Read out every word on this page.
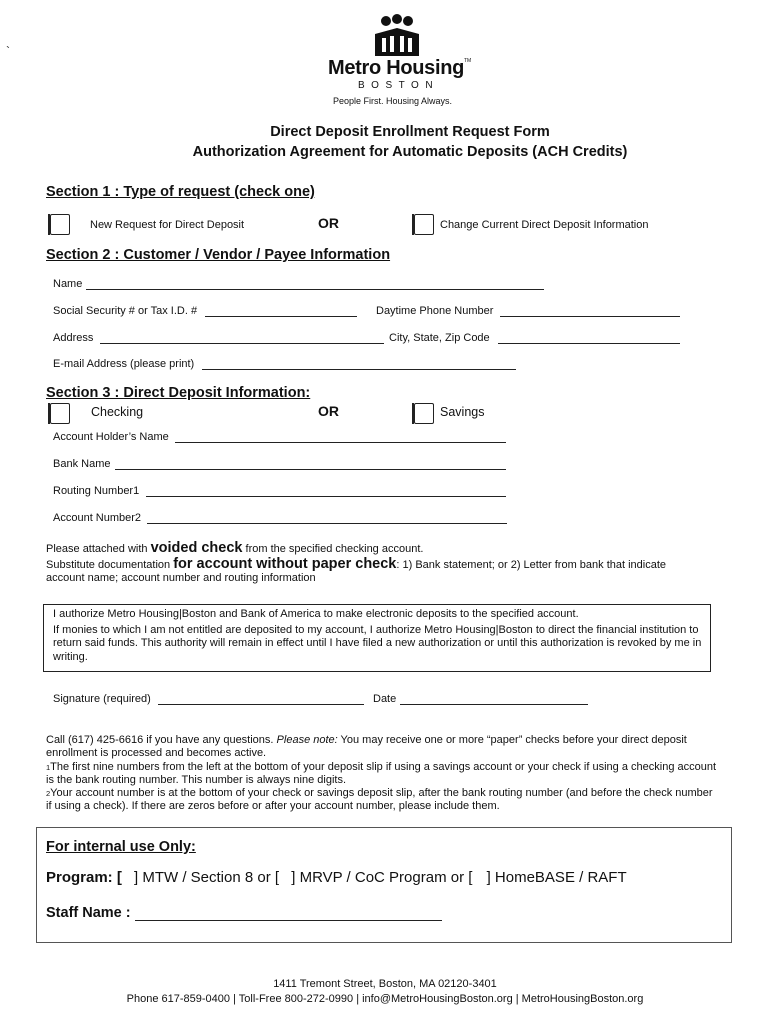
`
Metro Housing TM
BOSTON
People First. Housing Always.
Direct Deposit Enrollment Request Form
Authorization Agreement for Automatic Deposits (ACH Credits)
Section 1 : Type of request (check one)
New Request for Direct Deposit	OR	Change Current Direct Deposit Information
Section 2 : Customer / Vendor / Payee Information
Name
Social Security # or Tax I.D. #	Daytime Phone Number
Address	City, State, Zip Code
E-mail Address (please print)
Section 3 : Direct Deposit Information:
Checking	OR	Savings
Account Holder’s Name
Bank Name
Routing Number1
Account Number2
Please attached with voided check from the specified checking account.
Substitute documentation for account without paper check: 1) Bank statement; or 2) Letter from bank that indicate
account name; account number and routing information
I authorize Metro Housing|Boston and Bank of America to make electronic deposits to the specified account.
If monies to which I am not entitled are deposited to my account, I authorize Metro Housing|Boston to direct the financial institution to return said funds. This authority will remain in effect until I have filed a new authorization or until this authorization is revoked by me in writing.
Signature (required)	Date
Call (617) 425-6616 if you have any questions. Please note: You may receive one or more “paper” checks before your direct deposit enrollment is processed and becomes active.
$^1$The first nine numbers from the left at the bottom of your deposit slip if using a savings account or your check if using a checking account is the bank routing number. This number is always nine digits.
$^2$Your account number is at the bottom of your check or savings deposit slip, after the bank routing number (and before the check number if using a check). If there are zeros before or after your account number, please include them.
For internal use Only:
Program: [ ] MTW / Section 8 or [ ] MRVP / CoC Program or [ ] HomeBASE / RAFT
Staff Name :
1411 Tremont Street, Boston, MA 02120-3401
Phone 617-859-0400 | Toll-Free 800-272-0990 | info@MetroHousingBoston.org | MetroHousingBoston.org
